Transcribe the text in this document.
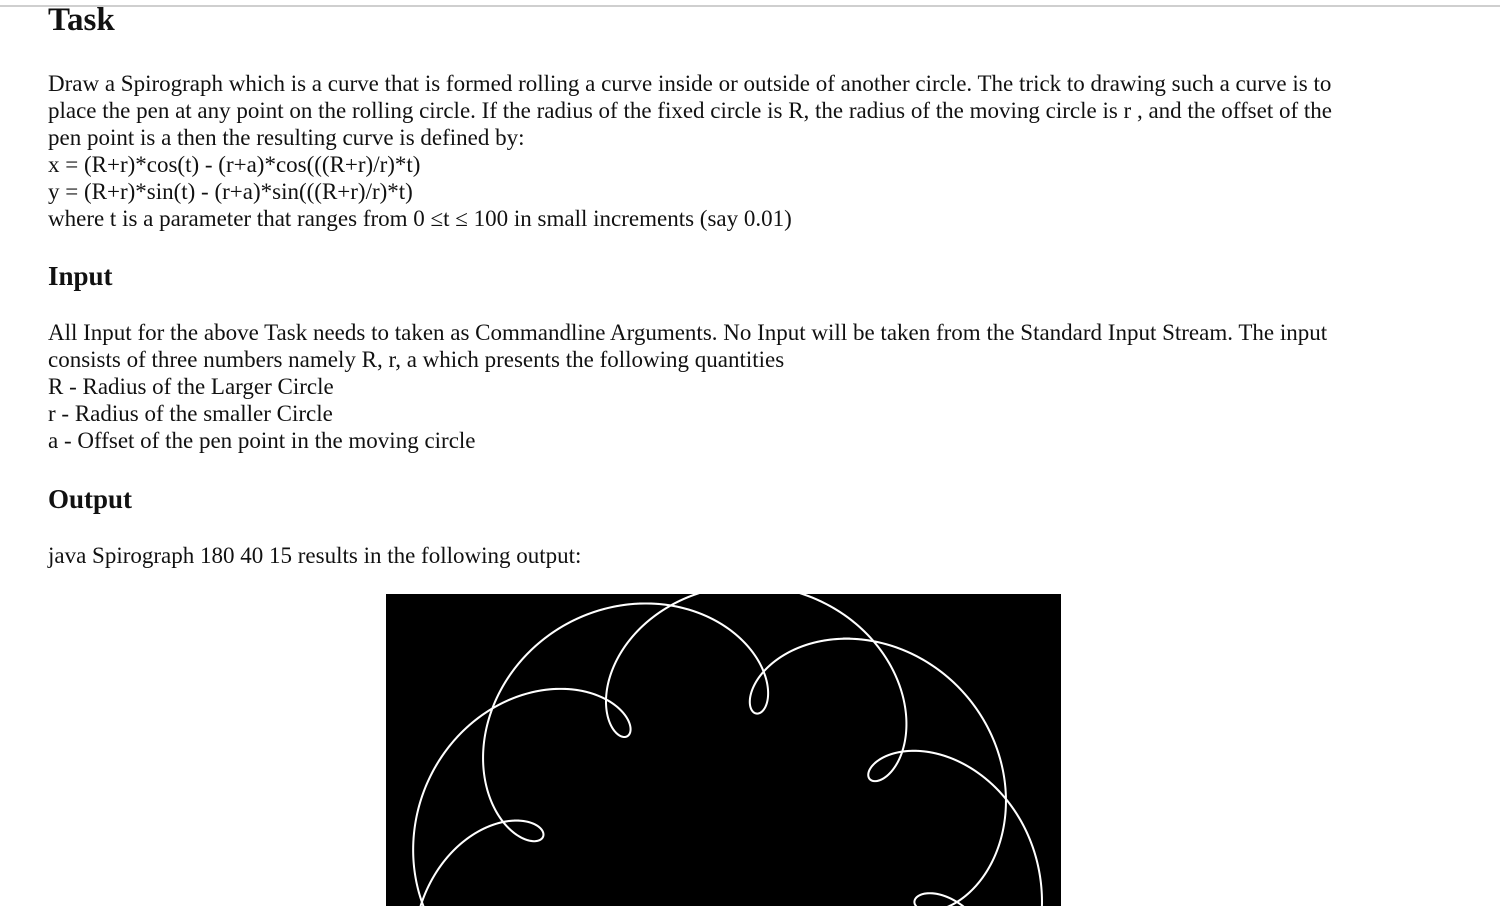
Task

Draw a Spirograph which is a curve that is formed rolling a curve inside or outside of another circle. The trick to drawing such a curve is to
place the pen at any point on the rolling circle. If the radius of the fixed circle is R, the radius of the moving circle is r , and the offset of the
pen point is a then the resulting curve is defined by:
x = (R+r)*cos(t) - (r+a)*cos(((R+r)/r)*t)
y = (R+r)*sin(t) - (r+a)*sin(((R+r)/r)*t)
where t is a parameter that ranges from 0 ≤t ≤ 100 in small increments (say 0.01)

Input

All Input for the above Task needs to taken as Commandline Arguments. No Input will be taken from the Standard Input Stream. The input
consists of three numbers namely R, r, a which presents the following quantities
R - Radius of the Larger Circle
r - Radius of the smaller Circle
a - Offset of the pen point in the moving circle

Output

java Spirograph 180 40 15 results in the following output:
